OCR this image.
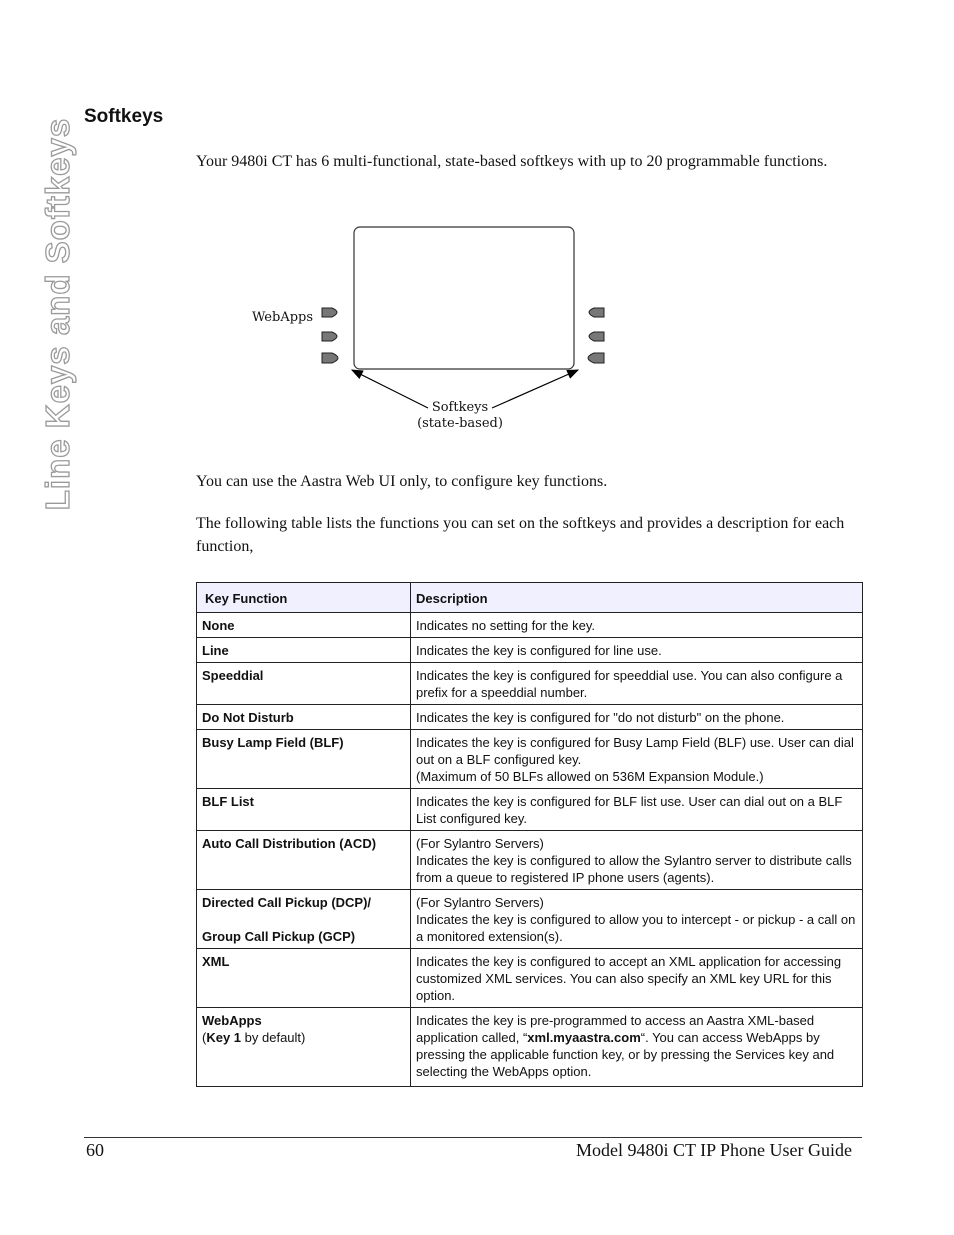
Line Keys and Softkeys
Softkeys

Your 9480i CT has 6 multi-functional, state-based softkeys with up to 20 programmable functions.

WebApps
Softkeys
(state-based)

You can use the Aastra Web UI only, to configure key functions.

The following table lists the functions you can set on the softkeys and provides a description for each function,

Key Function	Description
None	Indicates no setting for the key.
Line	Indicates the key is configured for line use.
Speeddial	Indicates the key is configured for speeddial use. You can also configure a prefix for a speeddial number.
Do Not Disturb	Indicates the key is configured for "do not disturb" on the phone.
Busy Lamp Field (BLF)	Indicates the key is configured for Busy Lamp Field (BLF) use. User can dial out on a BLF configured key.
(Maximum of 50 BLFs allowed on 536M Expansion Module.)

BLF List	Indicates the key is configured for BLF list use. User can dial out on a BLF List configured key.
Auto Call Distribution (ACD)	(For Sylantro Servers)
Indicates the key is configured to allow the Sylantro server to distribute calls from a queue to registered IP phone users (agents).

Directed Call Pickup (DCP)/
Group Call Pickup (GCP)	(For Sylantro Servers)
Indicates the key is configured to allow you to intercept - or pickup - a call on a monitored extension(s).

XML	Indicates the key is configured to accept an XML application for accessing customized XML services. You can also specify an XML key URL for this option.

WebApps
(Key 1 by default)	Indicates the key is pre-programmed to access an Aastra XML-based application called, “xml.myaastra.com“. You can access WebApps by pressing the applicable function key, or by pressing the Services key and selecting the WebApps option.
60	Model 9480i CT IP Phone User Guide
